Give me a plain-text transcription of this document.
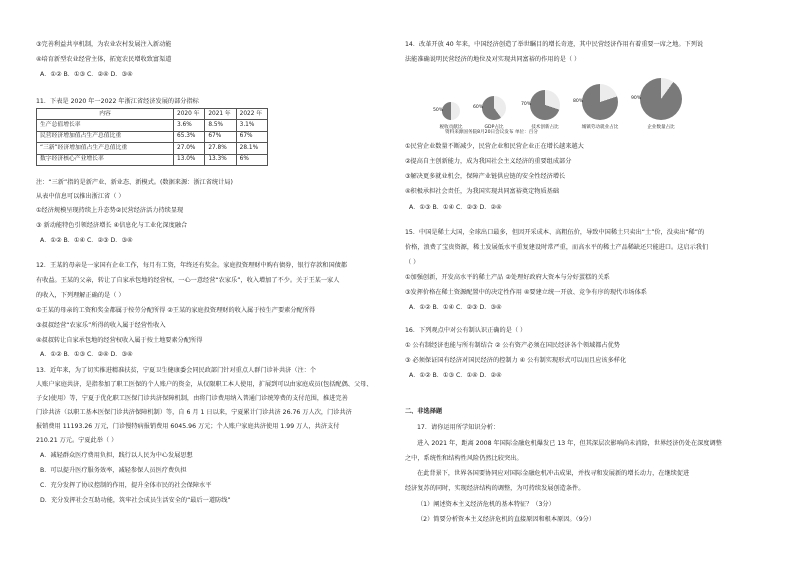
③完善利益共享机制，为农业农村发展注入新动能
④培育新型农业经营主体，拓宽农民增收致富渠道
A．①② B．①③ C．②④ D．③④
11．下表是 2020 年一2022 年浙江省经济发展的部分指标
内容	2020 年	2021 年	2022 年
生产总值增长率	3.6%	8.5%	3.1%
民营经济增加值占生产总值比重	65.3%	67%	67%
“三新”经济增加值占生产总值比重	27.0%	27.8%	28.1%
数字经济核心产业增长率	13.0%	13.3%	6%
注：“三新”指的是新产业、新业态、新模式。(数据来源：浙江省统计局)
从表中信息可以推出浙江省（ ）
①经济规模呈现持续上升态势②民营经济活力持续显现
③ 新动能特色引领经济增长 ④信息化与工业化深度融合
A．①② B．①④ C．②③ D．③④
12．王某的母亲是一家国有企业工作，每月有工资，年终还有奖金。家庭投资理财中购有债券，银行存款和国债都
有收益。王某的父亲，转让了自家承包地的经营权，一心一意经营“农家乐”，收入增加了不少。关于王某一家人
的收入，下列理解正确的是（ ）
①王某的母亲的工资和奖金都属于按劳分配所得 ②王某的家庭投资理财的收入属于按生产要素分配所得
③叔叔经营“农家乐”所得的收入属于经营性收入
④叔叔转让自家承包地的经营权收入属于按土地要素分配所得
A．①② B．①③ C．②④ D．③④
13．近年来，为了切实推进精准扶贫，宁夏卫生健康委会同民政部门针对重点人群门诊补共济（注：个
人账户家庭共济，是指参加了职工医保的个人账户的资金，从仅限职工本人使用，扩展到可以由家庭成员(包括配偶、父母、
子女)使用）等，宁夏于优化职工医保门诊共济保障机制，由将门诊费用纳入普通门诊统筹费的支付范围，推进完善
门诊共济（以职工基本医保门诊共济保障机制）等，自 6 月 1 日以来，宁夏累计门诊共济 26.76 万人次，门诊共济
报销费用 11193.26 万元，门诊慢特病报销费用 6045.96 万元；个人账户家庭共济使用 1.99 万人，共济支付
210.21 万元。宁夏此举（ ）
A．减轻群众医疗费用负担，践行以人民为中心发展思想
B．可以提升医疗服务效率，减轻参保人员医疗费负担
C．充分发挥了协议控制的作用，提升全体市民的社会保障水平
D．充分发挥社会互助功能，筑牢社会成员生活安全的“最后一道防线”
14．改革开放 40 年来，中国经济创造了举世瞩目的增长奇迹，其中民营经济作用有着重要一席之地。下列说
法能准确说明民营经济的地位及对实现共同富裕的作用的是（ ）
50%
税收贡献比
60%
GDP占比
70%
技术创新占比
80%
城镇劳动就业占比
90%
企业数量占比
资料来源国务院8月20日会议发布 单位：百分
①民营企业数量不断减少，民营企业和民营企业正在增长越来越大
②提高自主创新能力，成为我国社会主义经济的重要组成部分
③解决更多就业机会，保障产业链供应链的安全性经济增长
④积极承担社会责任，为我国实现共同富裕奠定物质基础
A．①③ B．①④ C．②③ D．②④
15．中国是稀土大国，全球出口最多，但因开采成本、高粗伍价，导致中国稀土只卖出“土”价，没卖出“稀”的
价格，浪费了宝贵资源，稀土发展低水平重复建设时常严重，而高水平的稀土产品稀缺还只能进口。这启示我们
（ ）
①加强创新，开发高水平的稀土产品 ②处理好政府大资本与分好蛋糕的关系
③发挥价格在稀土资源配置中的决定性作用 ④要建立统一开放、竞争有序的现代市场体系
A．①② B．①④ C．②③ D．③④
16．下列观点中对公有制认识正确的是（ ）
① 公有制经济也能与所有制结合 ② 公有资产必须在国民经济各个领域都占优势
③ 必须保证国有经济对国民经济的控制力 ④ 公有制实现形式可以而且应该多样化
A．①② B．①③ C．①④ D．②④
二、非选择题
17．请你运用所学知识分析：
进入 2021 年，距离 2008 年国际金融危机爆发已 13 年，但其深层次影响尚未消除，世界经济仍处在深度调整
之中，系统性和结构性风险仍然比较突出。
在此背景下，世界各国要协同应对国际金融危机冲击成果，并找寻和发展新的增长动力，在继续促进
经济复苏的同时，实现经济结构的调整，为可持续发展创造条件。
（1）阐述资本主义经济危机的基本特征？（3分）
（2）简要分析资本主义经济危机的直接原因和根本原因。（9分）
